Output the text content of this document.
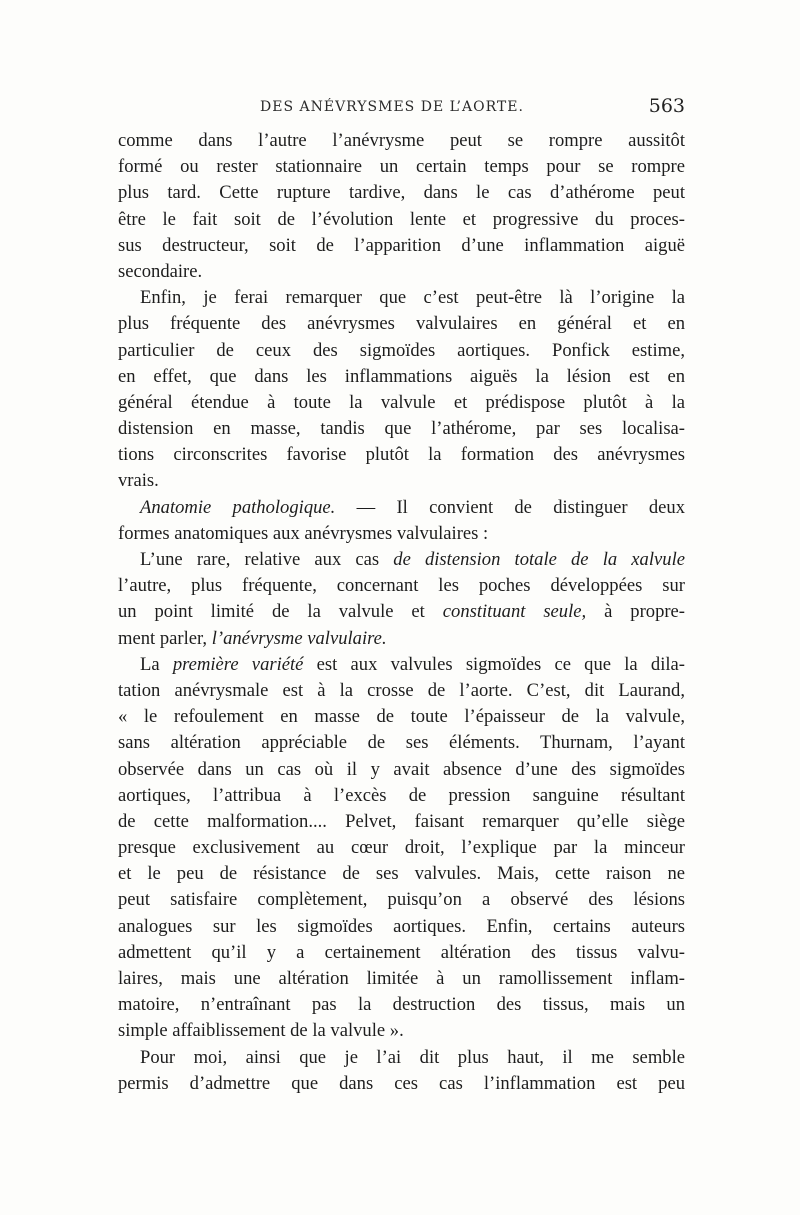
DES ANÉVRYSMES DE L’AORTE.	563
comme dans l’autre l’anévrysme peut se rompre aussitôt
formé ou rester stationnaire un certain temps pour se rompre
plus tard. Cette rupture tardive, dans le cas d’athérome peut
être le fait soit de l’évolution lente et progressive du proces-
sus destructeur, soit de l’apparition d’une inflammation aiguë
secondaire.
Enfin, je ferai remarquer que c’est peut-être là l’origine la
plus fréquente des anévrysmes valvulaires en général et en
particulier de ceux des sigmoïdes aortiques. Ponfick estime,
en effet, que dans les inflammations aiguës la lésion est en
général étendue à toute la valvule et prédispose plutôt à la
distension en masse, tandis que l’athérome, par ses localisa-
tions circonscrites favorise plutôt la formation des anévrysmes
vrais.
Anatomie pathologique. — Il convient de distinguer deux
formes anatomiques aux anévrysmes valvulaires :
L’une rare, relative aux cas de distension totale de la xalvule
l’autre, plus fréquente, concernant les poches développées sur
un point limité de la valvule et constituant seule, à propre-
ment parler, l’anévrysme valvulaire.
La première variété est aux valvules sigmoïdes ce que la dila-
tation anévrysmale est à la crosse de l’aorte. C’est, dit Laurand,
« le refoulement en masse de toute l’épaisseur de la valvule,
sans altération appréciable de ses éléments. Thurnam, l’ayant
observée dans un cas où il y avait absence d’une des sigmoïdes
aortiques, l’attribua à l’excès de pression sanguine résultant
de cette malformation.... Pelvet, faisant remarquer qu’elle siège
presque exclusivement au cœur droit, l’explique par la minceur
et le peu de résistance de ses valvules. Mais, cette raison ne
peut satisfaire complètement, puisqu’on a observé des lésions
analogues sur les sigmoïdes aortiques. Enfin, certains auteurs
admettent qu’il y a certainement altération des tissus valvu-
laires, mais une altération limitée à un ramollissement inflam-
matoire, n’entraînant pas la destruction des tissus, mais un
simple affaiblissement de la valvule ».
Pour moi, ainsi que je l’ai dit plus haut, il me semble
permis d’admettre que dans ces cas l’inflammation est peu
